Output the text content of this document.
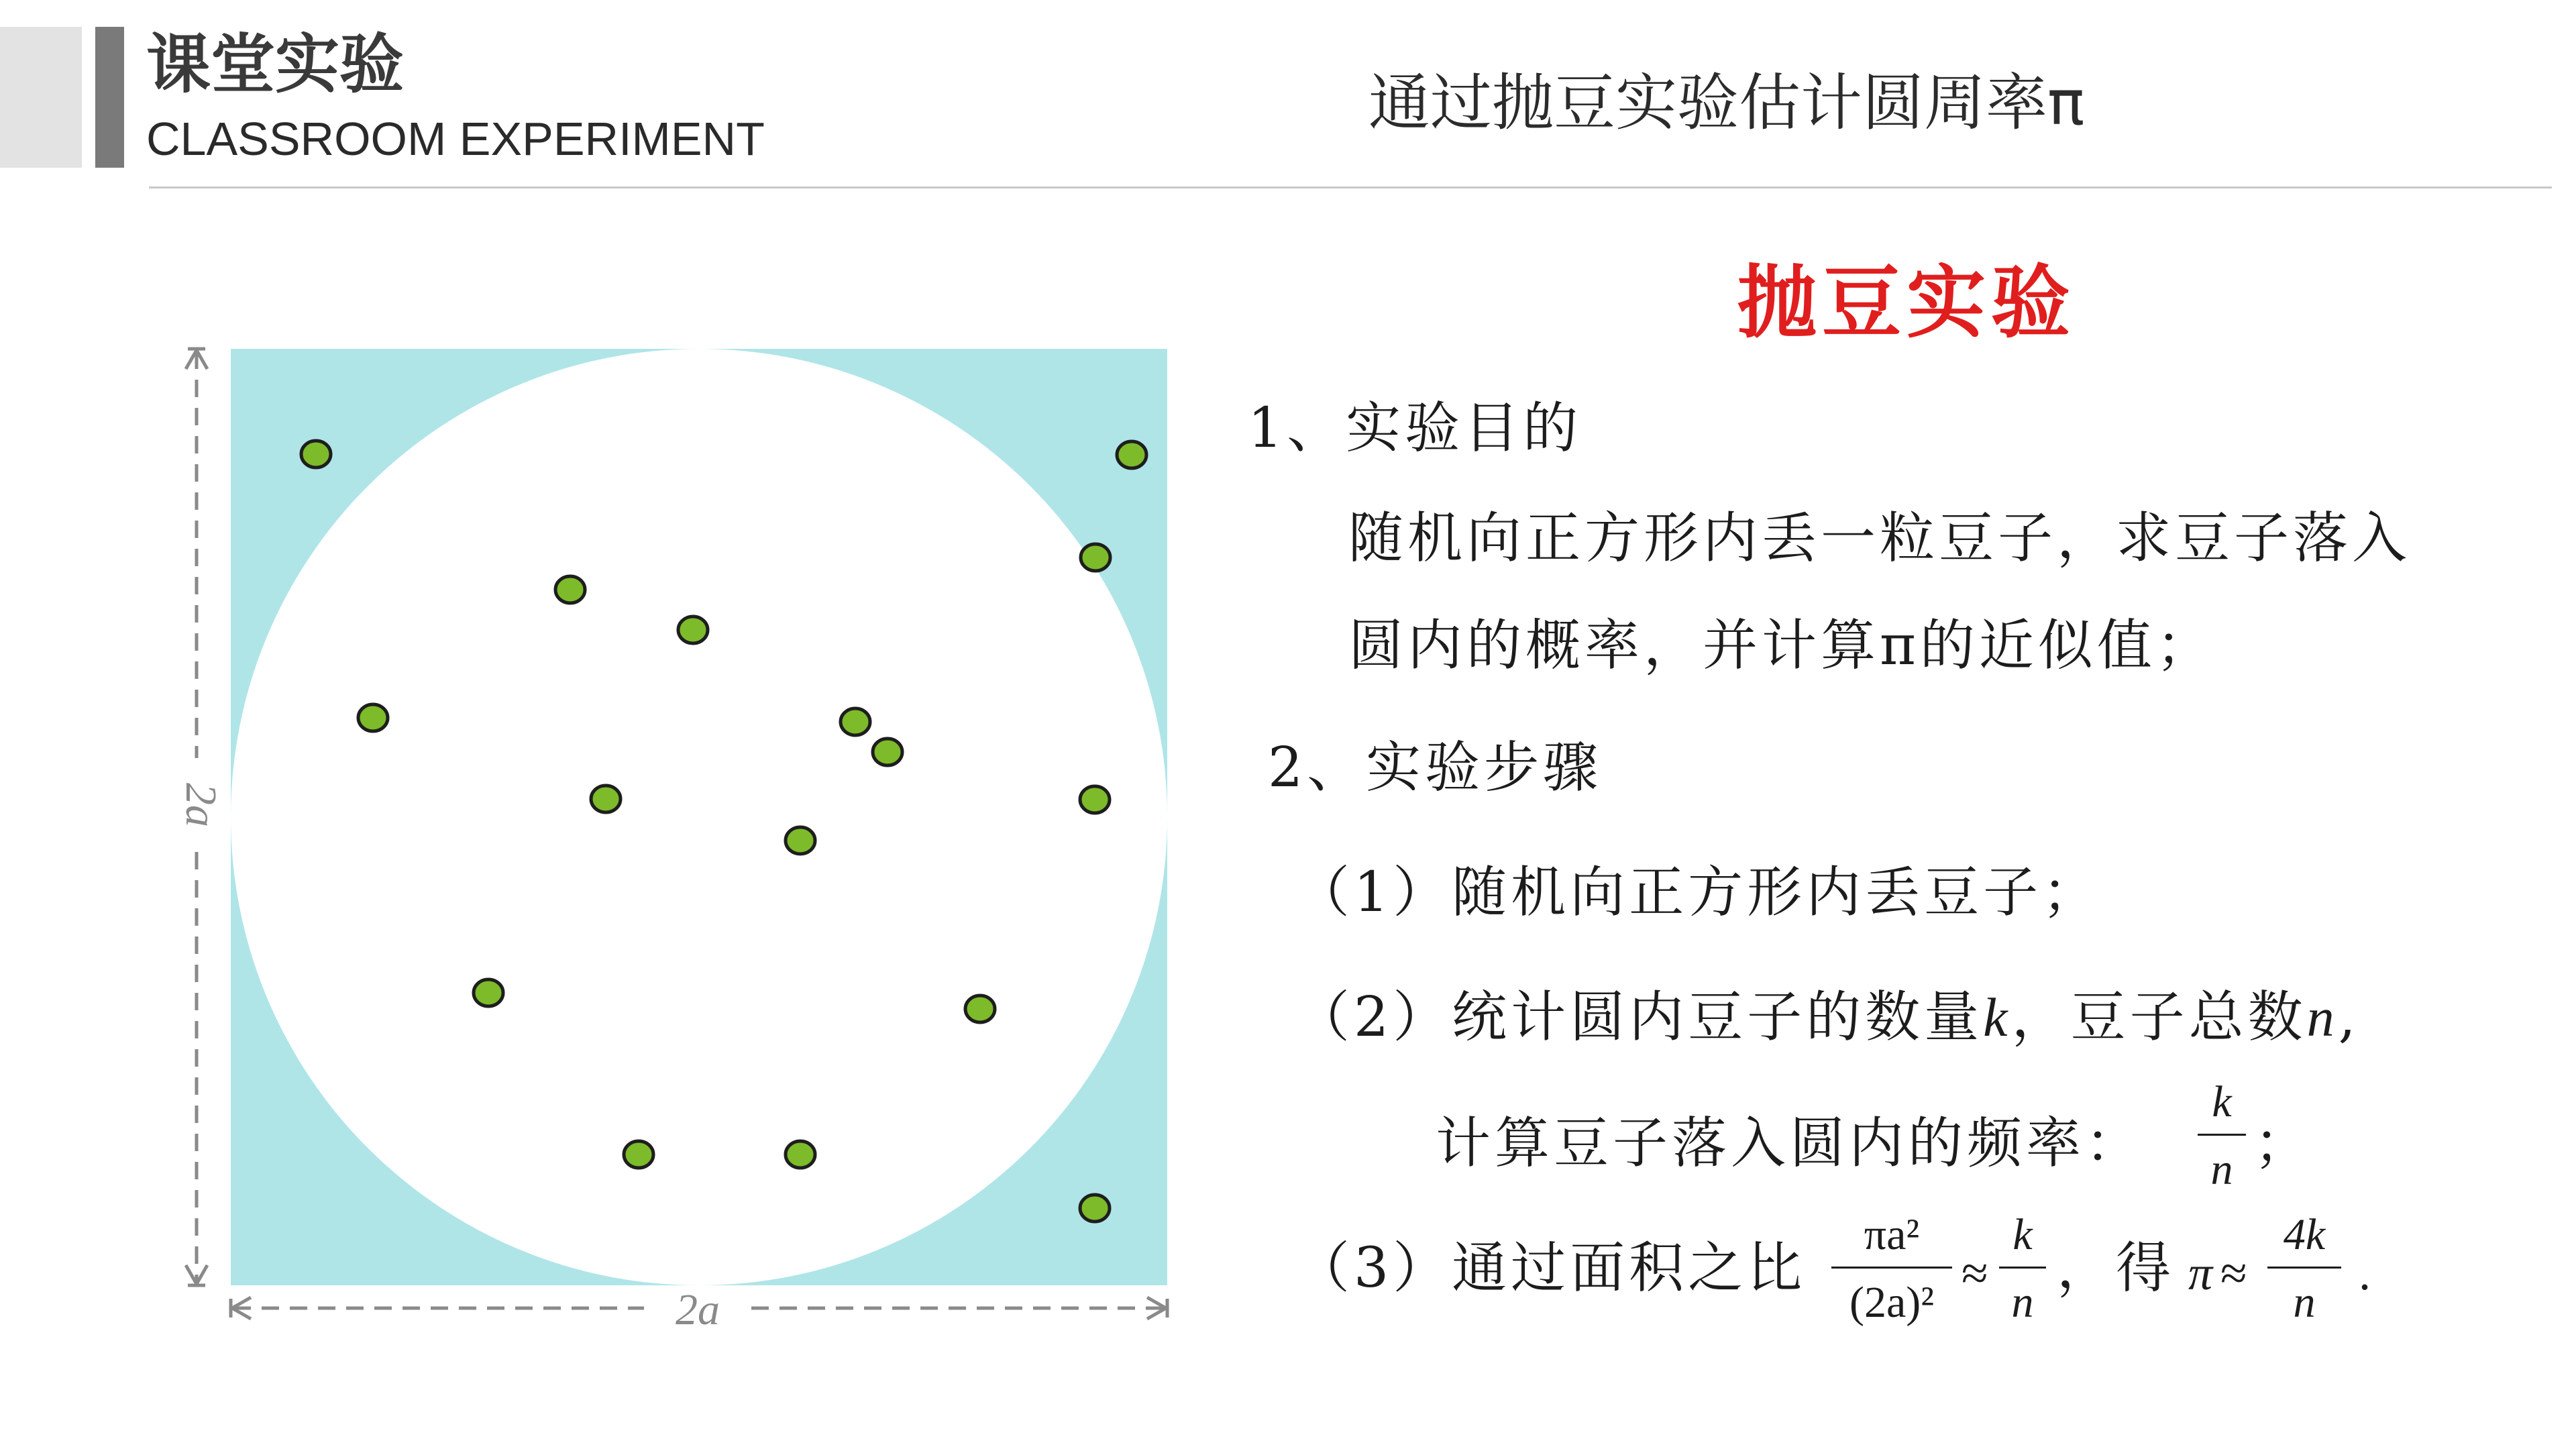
课堂实验
CLASSROOM EXPERIMENT	通过抛豆实验估计圆周率π
2a
2a
抛豆实验
1、实验目的
随机向正方形内丢一粒豆子，求豆子落入
圆内的概率，并计算π的近似值；
2、实验步骤
（1）随机向正方形内丢豆子；
（2）统计圆内豆子的数量k，豆子总数n,
计算豆子落入圆内的频率：
k
n ；
（3）通过面积之比
πa²
(2a)²
≈
k
n
，得 π ≈
4k
n
.
